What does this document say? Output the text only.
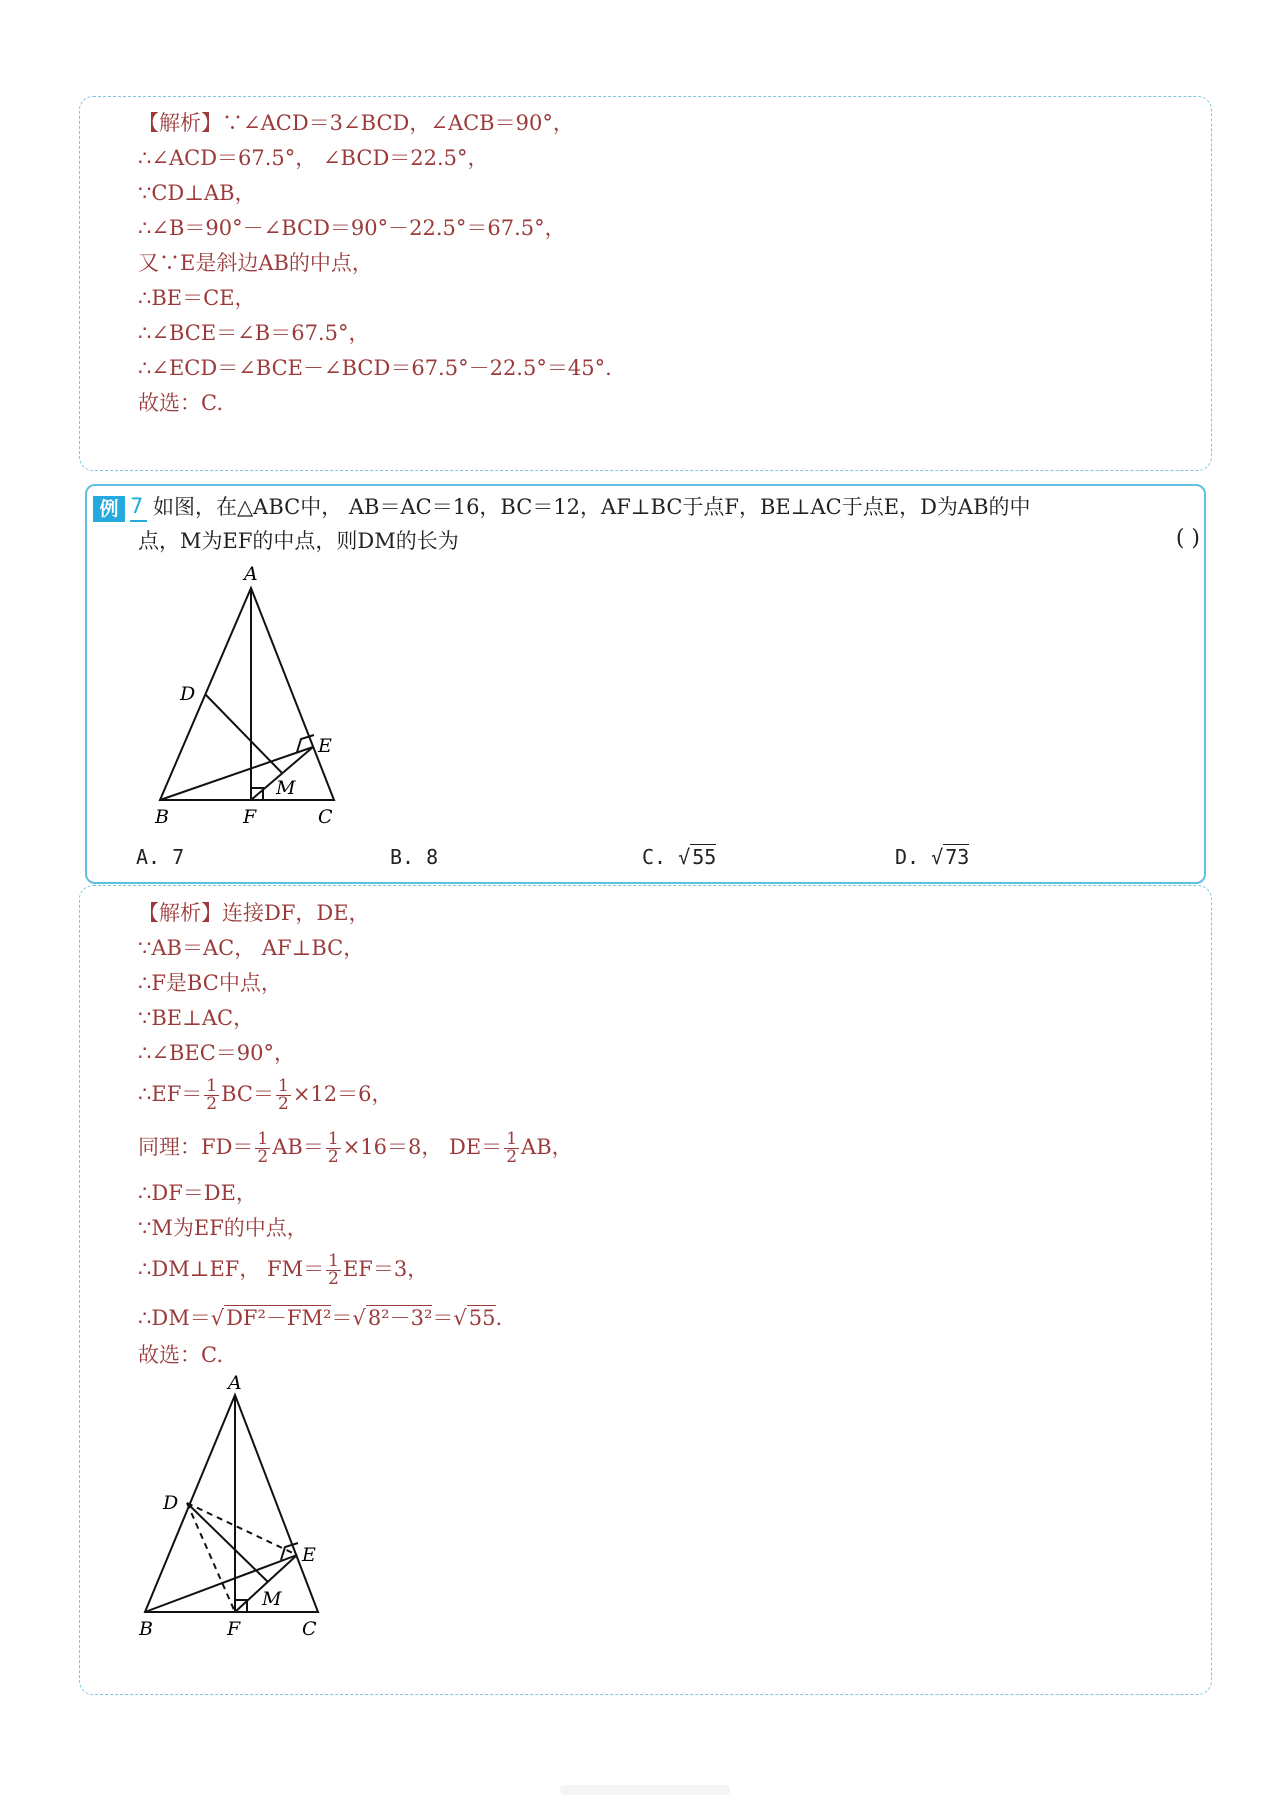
【解析】∵∠ACD＝3∠BCD，∠ACB＝90°，
∴∠ACD＝67.5°， ∠BCD＝22.5°，
∵CD⊥AB，
∴∠B＝90°－∠BCD＝90°－22.5°＝67.5°，
又∵E是斜边AB的中点，
∴BE＝CE，
∴∠BCE＝∠B＝67.5°，
∴∠ECD＝∠BCE－∠BCD＝67.5°－22.5°＝45°.
故选：C.
例 7 如图，在△ABC中， AB＝AC＝16，BC＝12，AF⊥BC于点F，BE⊥AC于点E，D为AB的中
点，M为EF的中点，则DM的长为	( )
A
D
E
M
B	F	C
A. 7	B. 8	C. √ 55	D. √ 73
【解析】连接DF，DE，
∵AB＝AC， AF⊥BC，
∴F是BC中点，
∵BE⊥AC，
∴∠BEC＝90°，
∴EF＝ $\frac{1}{2} BC= \frac{1}{2} \times 12=6$，
同理：$FD= \frac{1}{2} AB= \frac{1}{2} \times 16=8$， $DE= \frac{1}{2}$ AB，
∴DF＝DE，
∵M为EF的中点，
∴DM⊥EF， $FM= \frac{1}{2} EF=3$，
∴DM＝√DF²－FM²＝√8²－3²＝√55.
故选：C.
A
D
E
M
B	F	C
